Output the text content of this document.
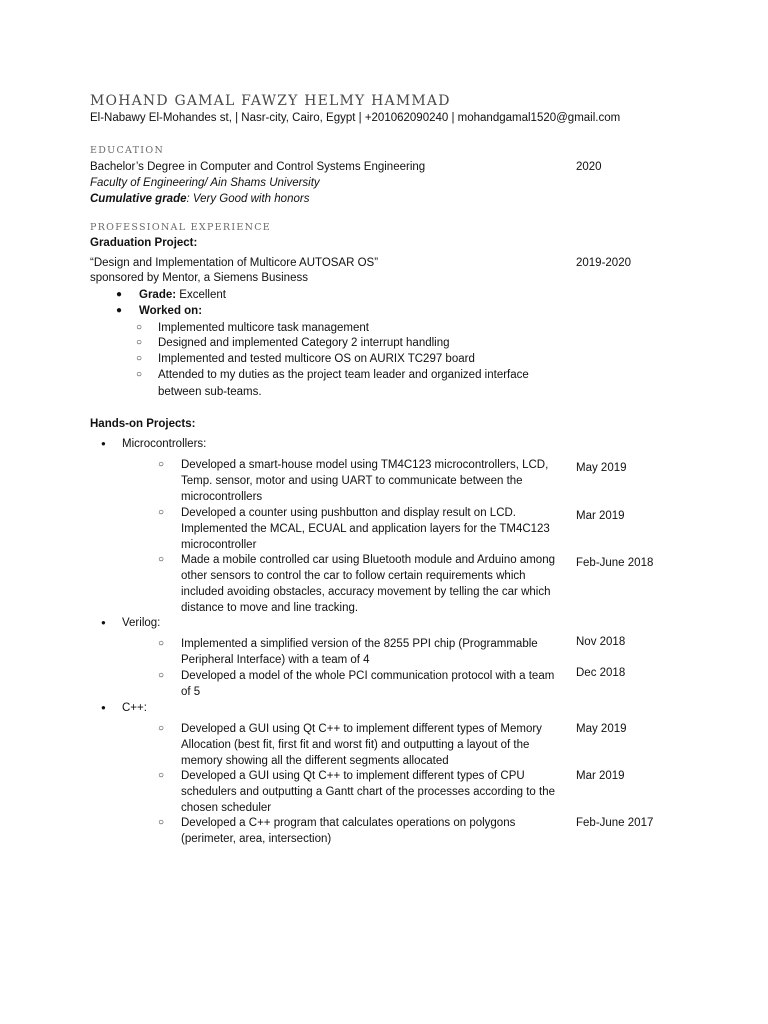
MOHAND GAMAL FAWZY HELMY HAMMAD
El-Nabawy El-Mohandes st, | Nasr-city, Cairo, Egypt | +201062090240 | mohandgamal1520@gmail.com
EDUCATION
Bachelor’s Degree in Computer and Control Systems Engineering	2020
Faculty of Engineering/ Ain Shams University
Cumulative grade: Very Good with honors
PROFESSIONAL EXPERIENCE
Graduation Project:
“Design and Implementation of Multicore AUTOSAR OS”	2019-2020
sponsored by Mentor, a Siemens Business
● Grade: Excellent
● Worked on:
○ Implemented multicore task management
○ Designed and implemented Category 2 interrupt handling
○ Implemented and tested multicore OS on AURIX TC297 board
○ Attended to my duties as the project team leader and organized interface
between sub-teams.
Hands-on Projects:
● Microcontrollers:
○ Developed a smart-house model using TM4C123 microcontrollers, LCD,
Temp. sensor, motor and using UART to communicate between the
microcontrollers
May 2019
○ Developed a counter using pushbutton and display result on LCD.
Implemented the MCAL, ECUAL and application layers for the TM4C123
microcontroller
Mar 2019
○ Made a mobile controlled car using Bluetooth module and Arduino among
other sensors to control the car to follow certain requirements which
included avoiding obstacles, accuracy movement by telling the car which
distance to move and line tracking.
Feb-June 2018
● Verilog:
○ Implemented a simplified version of the 8255 PPI chip (Programmable
Peripheral Interface) with a team of 4
Nov 2018
○ Developed a model of the whole PCI communication protocol with a team
of 5
Dec 2018
● C++:
○ Developed a GUI using Qt C++ to implement different types of Memory
Allocation (best fit, first fit and worst fit) and outputting a layout of the
memory showing all the different segments allocated
May 2019
○ Developed a GUI using Qt C++ to implement different types of CPU
schedulers and outputting a Gantt chart of the processes according to the
chosen scheduler
Mar 2019
○ Developed a C++ program that calculates operations on polygons
(perimeter, area, intersection)
Feb-June 2017
